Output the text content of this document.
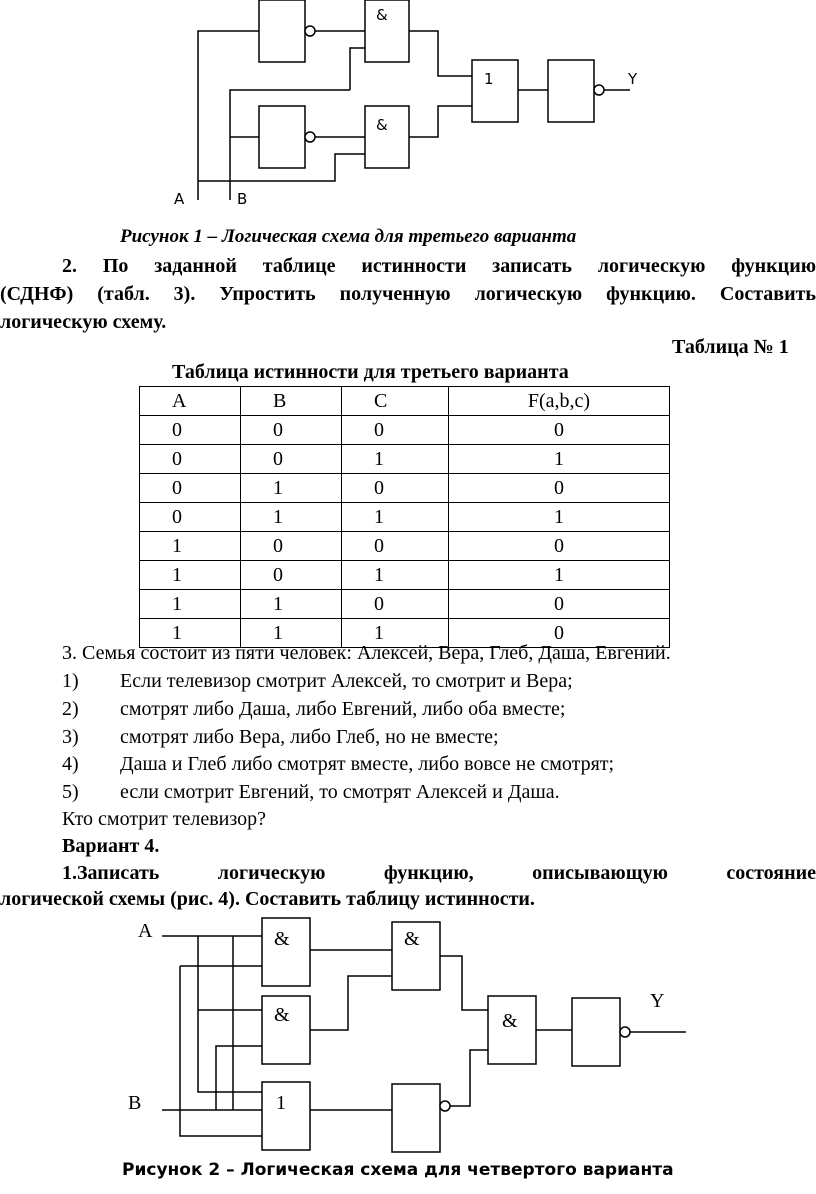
&
&
1	Y
A	B
Рисунок 1 – Логическая схема для третьего варианта
2. По заданной таблице истинности записать логическую функцию
(СДНФ) (табл. 3). Упростить полученную логическую функцию. Составить
логическую схему.
Таблица № 1
Таблица истинности для третьего варианта
A	B	C	F(a,b,c)
0	0	0	0
0	0	1	1
0	1	0	0
0	1	1	1
1	0	0	0
1	0	1	1
1	1	0	0
1	1	1	0
3. Семья состоит из пяти человек: Алексей, Вера, Глеб, Даша, Евгений.
1) Если телевизор смотрит Алексей, то смотрит и Вера;
2) смотрят либо Даша, либо Евгений, либо оба вместе;
3) смотрят либо Вера, либо Глеб, но не вместе;
4) Даша и Глеб либо смотрят вместе, либо вовсе не смотрят;
5) если смотрит Евгений, то смотрят Алексей и Даша.
Кто смотрит телевизор?
Вариант 4.
1.Записать логическую функцию, описывающую состояние
логической схемы (рис. 4). Составить таблицу истинности.
A
B
&
&
1
&
&
Y
Рисунок 2 – Логическая схема для четвертого варианта
